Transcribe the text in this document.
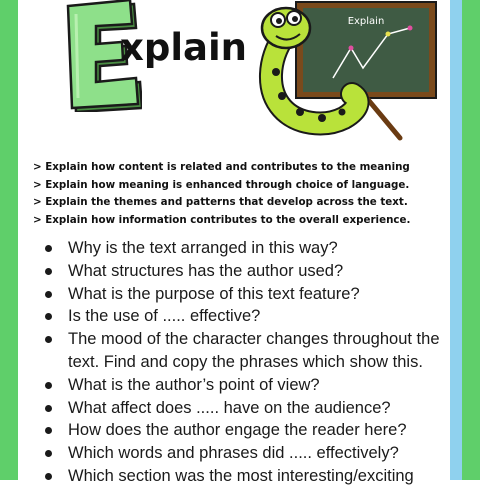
xplain
Explain
> Explain how content is related and contributes to the meaning
> Explain how meaning is enhanced through choice of language.
> Explain the themes and patterns that develop across the text.
> Explain how information contributes to the overall experience.
Why is the text arranged in this way?
What structures has the author used?
What is the purpose of this text feature?
Is the use of ..... effective?
The mood of the character changes throughout the
text. Find and copy the phrases which show this.
What is the author’s point of view?
What affect does ..... have on the audience?
How does the author engage the reader here?
Which words and phrases did ..... effectively?
Which section was the most interesting/exciting
